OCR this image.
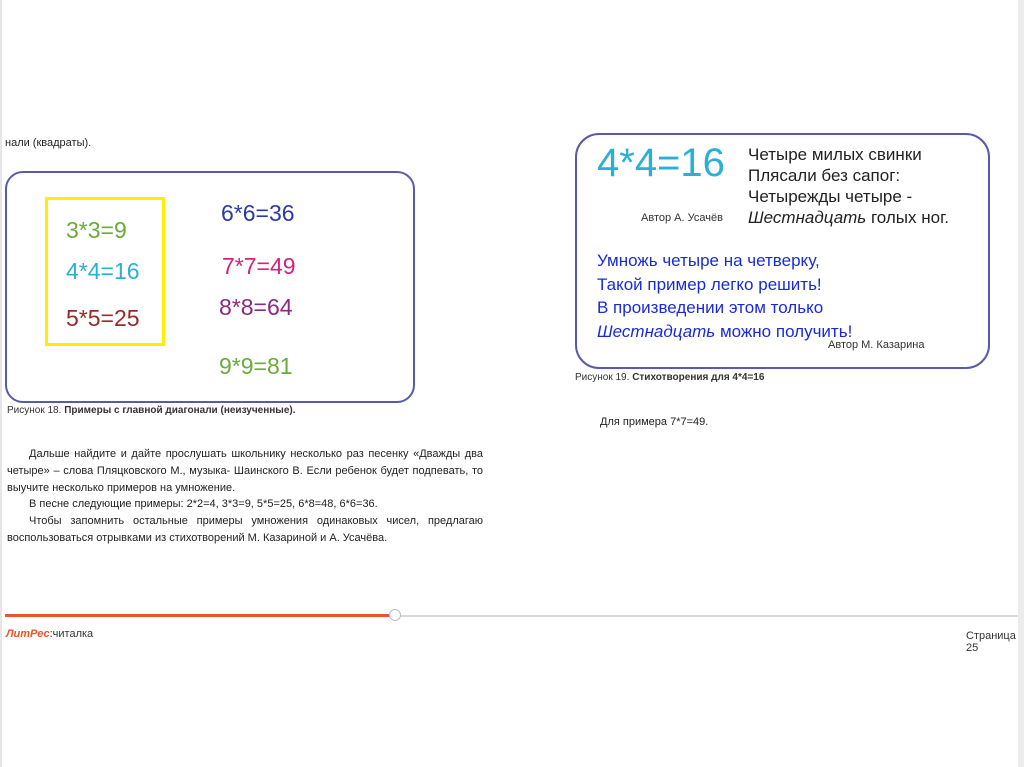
нали (квадраты).
3*3=9
4*4=16
5*5=25
6*6=36
7*7=49
8*8=64
9*9=81
Рисунок 18. Примеры с главной диагонали (неизученные).
4*4=16 Четыре милых свинки
Плясали без сапог:
Четырежды четыре -
Шестнадцать голых ног.
Автор А. Усачёв
Умножь четыре на четверку,
Такой пример легко решить!
В произведении этом только
Шестнадцать можно получить!
Автор М. Казарина
Рисунок 19. Стихотворения для 4*4=16
Для примера 7*7=49.

Дальше найдите и дайте прослушать школьнику несколько раз песенку «Дважды два четыре» – слова Пляцковского М., музыка- Шаинского В. Если ребенок будет подпевать, то выучите несколько примеров на умножение.

В песне следующие примеры: 2*2=4, 3*3=9, 5*5=25, 6*8=48, 6*6=36.

Чтобы запомнить остальные примеры умножения одинаковых чисел, предлагаю воспользоваться отрывками из стихотворений М. Казариной и А. Усачёва.

ЛитРес:читалка	Страница 25
